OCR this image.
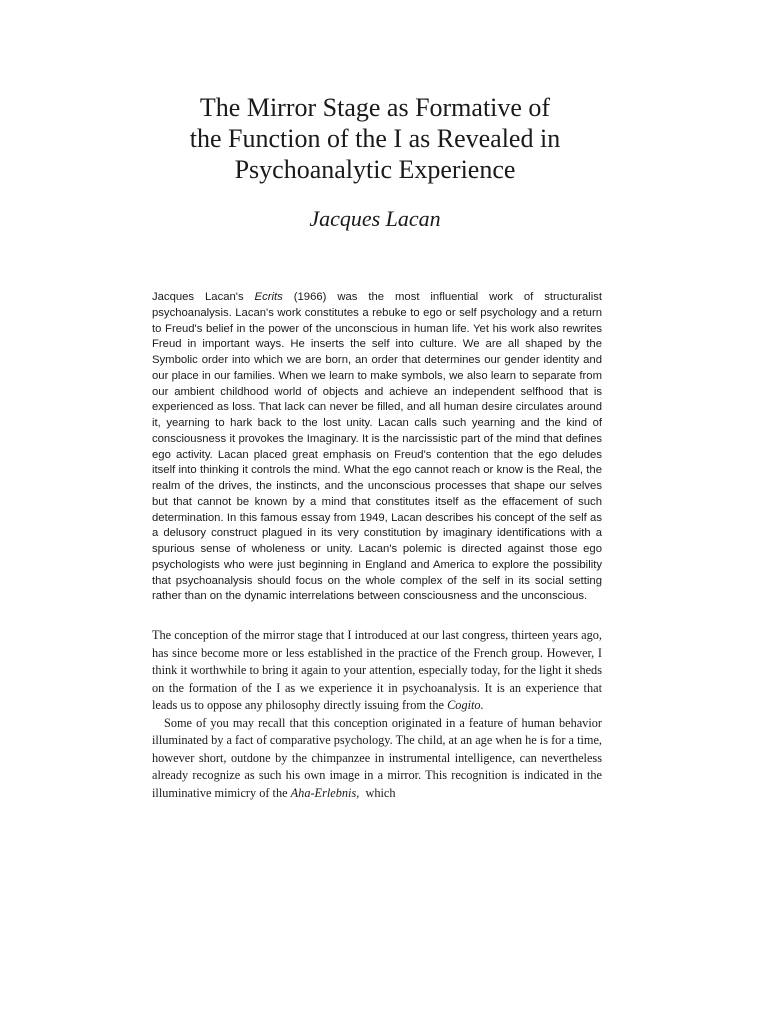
The Mirror Stage as Formative of
the Function of the I as Revealed in
Psychoanalytic Experience

Jacques Lacan

Jacques Lacan's Ecrits (1966) was the most influential work of structuralist psychoanalysis. Lacan's work constitutes a rebuke to ego or self psychology and a return to Freud's belief in the power of the unconscious in human life. Yet his work also rewrites Freud in important ways. He inserts the self into culture. We are all shaped by the Symbolic order into which we are born, an order that determines our gender identity and our place in our families. When we learn to make symbols, we also learn to separate from our ambient childhood world of objects and achieve an independent selfhood that is experienced as loss. That lack can never be filled, and all human desire circulates around it, yearning to hark back to the lost unity. Lacan calls such yearning and the kind of consciousness it provokes the Imaginary. It is the narcissistic part of the mind that defines ego activity. Lacan placed great emphasis on Freud's contention that the ego deludes itself into thinking it controls the mind. What the ego cannot reach or know is the Real, the realm of the drives, the instincts, and the unconscious processes that shape our selves but that cannot be known by a mind that constitutes itself as the effacement of such determination. In this famous essay from 1949, Lacan describes his concept of the self as a delusory construct plagued in its very constitution by imaginary identifications with a spurious sense of wholeness or unity. Lacan's polemic is directed against those ego psychologists who were just beginning in England and America to explore the possibility that psychoanalysis should focus on the whole complex of the self in its social setting rather than on the dynamic interrelations between consciousness and the unconscious.

The conception of the mirror stage that I introduced at our last congress, thirteen years ago, has since become more or less established in the practice of the French group. However, I think it worthwhile to bring it again to your attention, especially today, for the light it sheds on the formation of the I as we experience it in psychoanalysis. It is an experience that leads us to oppose any philosophy directly issuing from the Cogito.

Some of you may recall that this conception originated in a feature of human behavior illuminated by a fact of comparative psychology. The child, at an age when he is for a time, however short, outdone by the chimpanzee in instrumental intelligence, can nevertheless already recognize as such his own image in a mirror. This recognition is indicated in the illuminative mimicry of the Aha-Erlebnis,  which
